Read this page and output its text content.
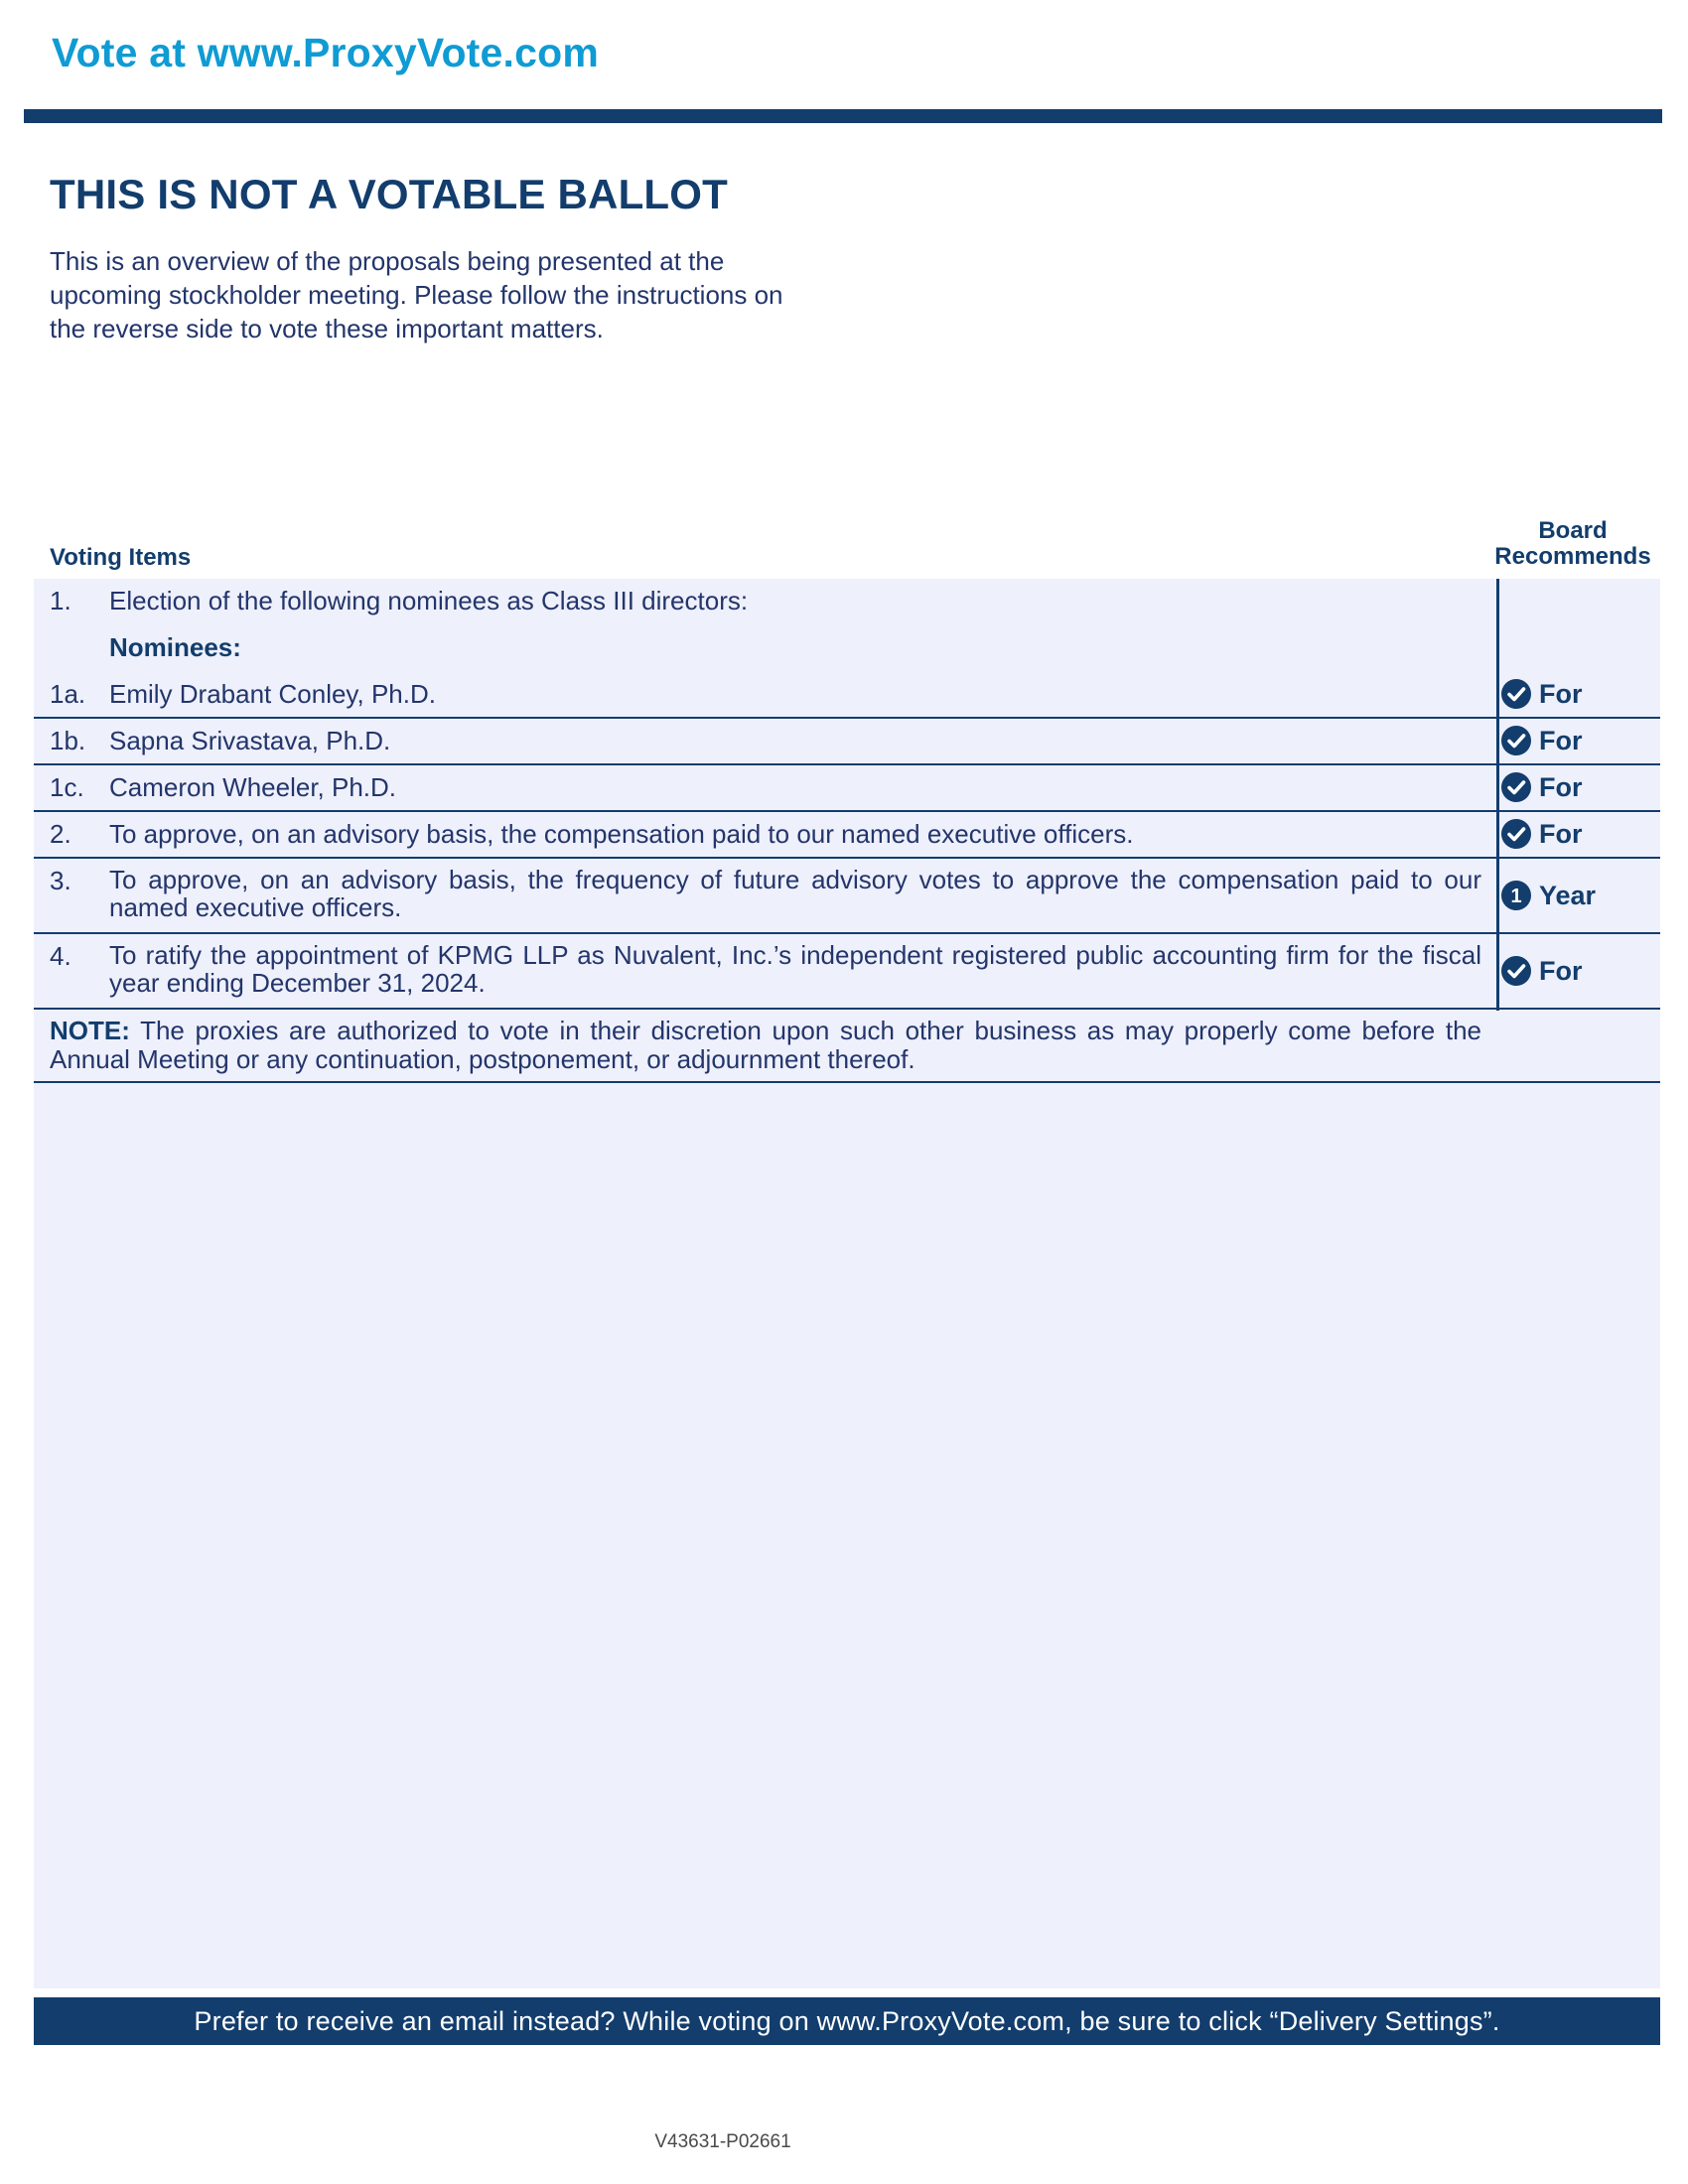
Vote at www.ProxyVote.com
THIS IS NOT A VOTABLE BALLOT
This is an overview of the proposals being presented at the
upcoming stockholder meeting. Please follow the instructions on
the reverse side to vote these important matters.
Voting Items
Board
Recommends
1. Election of the following nominees as Class III directors:
Nominees:
1a. Emily Drabant Conley, Ph.D.	For
1b. Sapna Srivastava, Ph.D.	For
1c. Cameron Wheeler, Ph.D.	For
2. To approve, on an advisory basis, the compensation paid to our named executive officers.	For
3. To approve, on an advisory basis, the frequency of future advisory votes to approve the compensation paid to our named executive officers.	1 Year
4. To ratify the appointment of KPMG LLP as Nuvalent, Inc.’s independent registered public accounting firm for the fiscal year ending December 31, 2024.	For
NOTE: The proxies are authorized to vote in their discretion upon such other business as may properly come before the Annual Meeting or any continuation, postponement, or adjournment thereof.
Prefer to receive an email instead? While voting on www.ProxyVote.com, be sure to click “Delivery Settings”.
V43631-P02661
